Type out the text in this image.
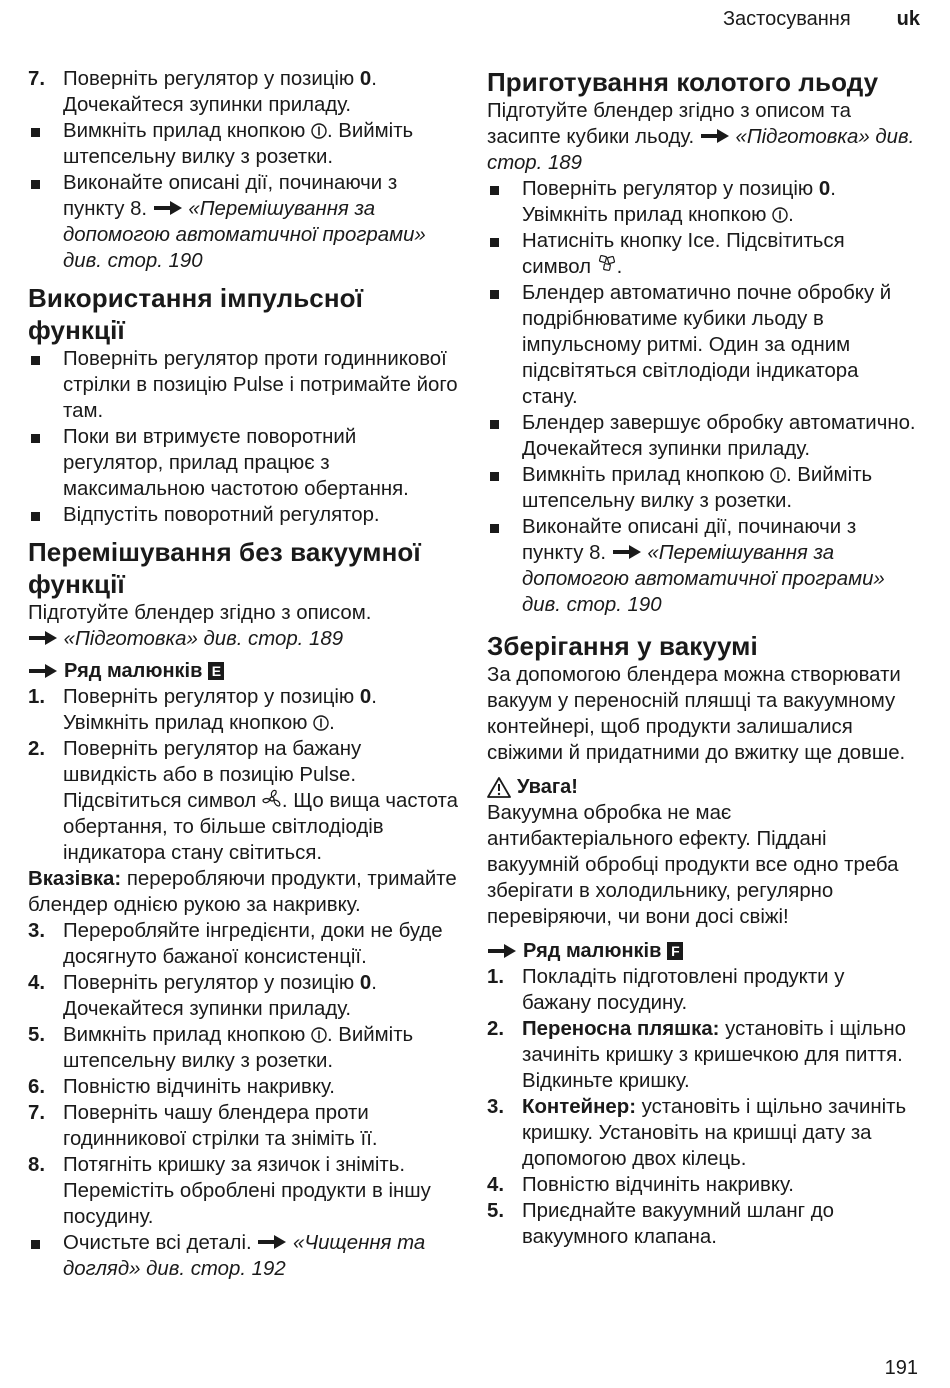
Застосування uk
7. Поверніть регулятор у позицію 0. Дочекайтеся зупинки приладу.
Вимкніть прилад кнопкою . Вийміть штепсельну вилку з розетки.
Виконайте описані дії, починаючи з пункту 8.  «Перемішування за допомогою автоматичної програми» див. стор. 190
Використання імпульсної функції
Поверніть регулятор проти годинникової стрілки в позицію Pulse і потримайте його там.
Поки ви втримуєте поворотний регулятор, прилад працює з максимальною частотою обертання.
Відпустіть поворотний регулятор.
Перемішування без вакуумної функції
Підготуйте блендер згідно з описом.
«Підготовка» див. стор. 189
Ряд малюнків E
1. Поверніть регулятор у позицію 0. Увімкніть прилад кнопкою .
2. Поверніть регулятор на бажану швидкість або в позицію Pulse. Підсвітиться символ . Що вища частота обертання, то більше світлодіодів індикатора стану світиться.
Вказівка: переробляючи продукти, тримайте блендер однією рукою за накривку.
3. Переробляйте інгредієнти, доки не буде досягнуто бажаної консистенції.
4. Поверніть регулятор у позицію 0. Дочекайтеся зупинки приладу.
5. Вимкніть прилад кнопкою . Вийміть штепсельну вилку з розетки.
6. Повністю відчиніть накривку.
7. Поверніть чашу блендера проти годинникової стрілки та зніміть її.
8. Потягніть кришку за язичок і зніміть. Перемістіть оброблені продукти в іншу посудину.
Очистьте всі деталі.  «Чищення та догляд» див. стор. 192
Приготування колотого льоду
Підготуйте блендер згідно з описом та засипте кубики льоду.  «Підготовка» див. стор. 189
Поверніть регулятор у позицію 0. Увімкніть прилад кнопкою .
Натисніть кнопку Ice. Підсвітиться символ .
Блендер автоматично почне обробку й подрібнюватиме кубики льоду в імпульсному ритмі. Один за одним підсвітяться світлодіоди індикатора стану.
Блендер завершує обробку автоматично. Дочекайтеся зупинки приладу.
Вимкніть прилад кнопкою . Вийміть штепсельну вилку з розетки.
Виконайте описані дії, починаючи з пункту 8.  «Перемішування за допомогою автоматичної програми» див. стор. 190
Зберігання у вакуумі
За допомогою блендера можна створювати вакуум у переносній пляшці та вакуумному контейнері, щоб продукти залишалися свіжими й придатними до вжитку ще довше.
Увага!
Вакуумна обробка не має антибактеріального ефекту. Піддані вакуумній обробці продукти все одно треба зберігати в холодильнику, регулярно перевіряючи, чи вони досі свіжі!
Ряд малюнків F
1. Покладіть підготовлені продукти у бажану посудину.
2. Переносна пляшка: установіть і щільно зачиніть кришку з кришечкою для пиття. Відкиньте кришку.
3. Контейнер: установіть і щільно зачиніть кришку. Установіть на кришці дату за допомогою двох кілець.
4. Повністю відчиніть накривку.
5. Приєднайте вакуумний шланг до вакуумного клапана.
191
